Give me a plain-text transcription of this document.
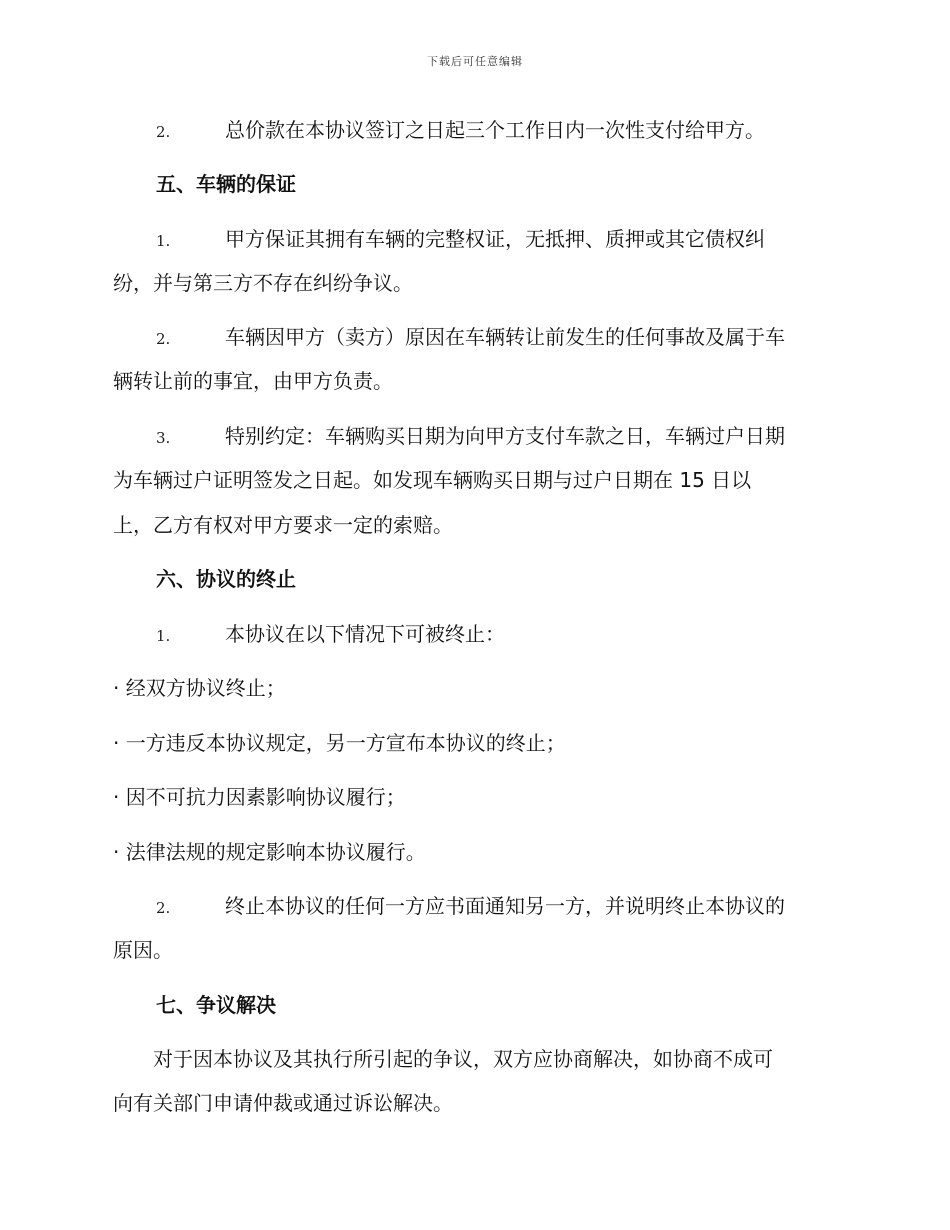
下载后可任意编辑
2.	总价款在本协议签订之日起三个工作日内一次性支付给甲方。
五、车辆的保证
1.	甲方保证其拥有车辆的完整权证，无抵押、质押或其它债权纠
纷，并与第三方不存在纠纷争议。
2.	车辆因甲方（卖方）原因在车辆转让前发生的任何事故及属于车
辆转让前的事宜，由甲方负责。
3.	特别约定：车辆购买日期为向甲方支付车款之日，车辆过户日期
为车辆过户证明签发之日起。如发现车辆购买日期与过户日期在 15 日以
上，乙方有权对甲方要求一定的索赔。
六、协议的终止
1.	本协议在以下情况下可被终止：
· 经双方协议终止；
· 一方违反本协议规定，另一方宣布本协议的终止；
· 因不可抗力因素影响协议履行；
· 法律法规的规定影响本协议履行。
2.	终止本协议的任何一方应书面通知另一方，并说明终止本协议的
原因。
七、争议解决
对于因本协议及其执行所引起的争议，双方应协商解决，如协商不成可
向有关部门申请仲裁或通过诉讼解决。
